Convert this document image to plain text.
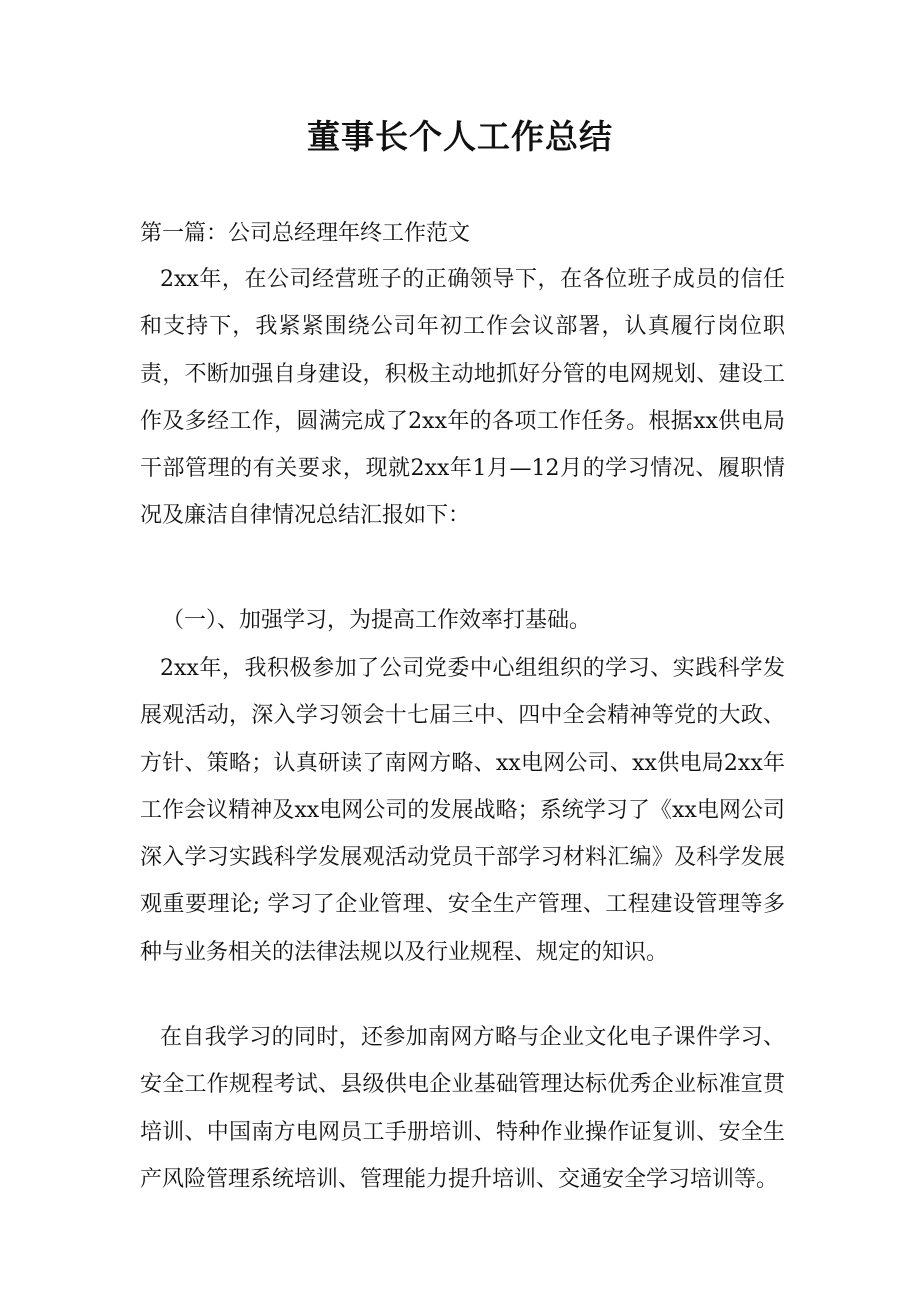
董事长个人工作总结

第一篇：公司总经理年终工作范文

2xx年，在公司经营班子的正确领导下，在各位班子成员的信任和支持下，我紧紧围绕公司年初工作会议部署，认真履行岗位职责，不断加强自身建设，积极主动地抓好分管的电网规划、建设工作及多经工作，圆满完成了2xx年的各项工作任务。根据xx供电局干部管理的有关要求，现就2xx年1月—12月的学习情况、履职情况及廉洁自律情况总结汇报如下：

（一）、加强学习，为提高工作效率打基础。

2xx年，我积极参加了公司党委中心组组织的学习、实践科学发展观活动，深入学习领会十七届三中、四中全会精神等党的大政、方针、策略；认真研读了南网方略、xx电网公司、xx供电局2xx年工作会议精神及xx电网公司的发展战略；系统学习了《xx电网公司深入学习实践科学发展观活动党员干部学习材料汇编》及科学发展观重要理论; 学习了企业管理、安全生产管理、工程建设管理等多种与业务相关的法律法规以及行业规程、规定的知识。

在自我学习的同时，还参加南网方略与企业文化电子课件学习、安全工作规程考试、县级供电企业基础管理达标优秀企业标准宣贯培训、中国南方电网员工手册培训、特种作业操作证复训、安全生产风险管理系统培训、管理能力提升培训、交通安全学习培训等。
